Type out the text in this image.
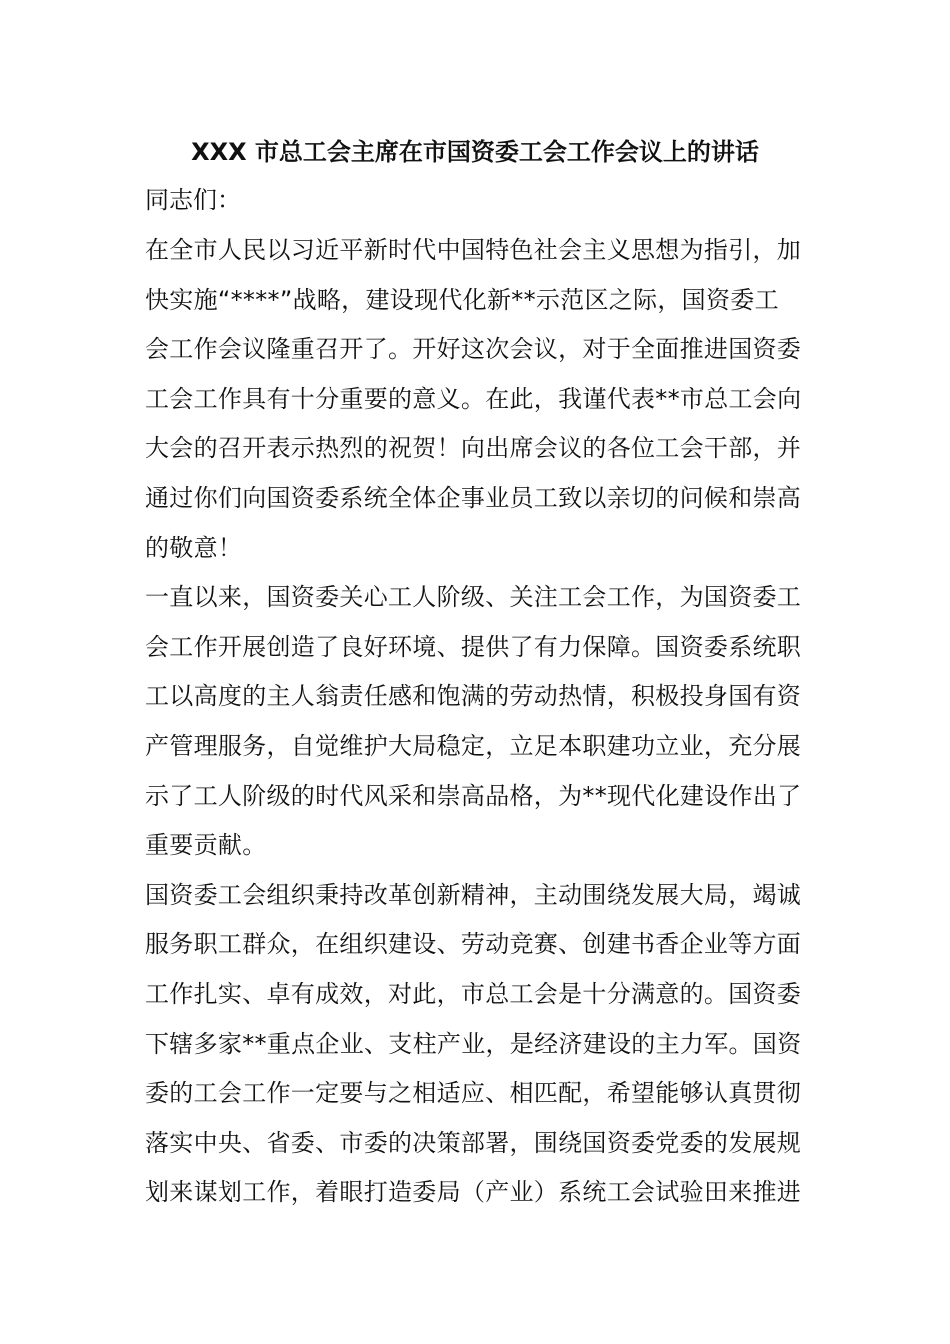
XXX 市总工会主席在市国资委工会工作会议上的讲话

同志们：

在全市人民以习近平新时代中国特色社会主义思想为指引，加
快实施“****”战略，建设现代化新**示范区之际，国资委工
会工作会议隆重召开了。开好这次会议，对于全面推进国资委
工会工作具有十分重要的意义。在此，我谨代表**市总工会向
大会的召开表示热烈的祝贺！向出席会议的各位工会干部，并
通过你们向国资委系统全体企事业员工致以亲切的问候和崇高
的敬意！
一直以来，国资委关心工人阶级、关注工会工作，为国资委工
会工作开展创造了良好环境、提供了有力保障。国资委系统职
工以高度的主人翁责任感和饱满的劳动热情，积极投身国有资
产管理服务，自觉维护大局稳定，立足本职建功立业，充分展
示了工人阶级的时代风采和崇高品格，为**现代化建设作出了
重要贡献。
国资委工会组织秉持改革创新精神，主动围绕发展大局，竭诚
服务职工群众，在组织建设、劳动竞赛、创建书香企业等方面
工作扎实、卓有成效，对此，市总工会是十分满意的。国资委
下辖多家**重点企业、支柱产业，是经济建设的主力军。国资
委的工会工作一定要与之相适应、相匹配，希望能够认真贯彻
落实中央、省委、市委的决策部署，围绕国资委党委的发展规
划来谋划工作，着眼打造委局（产业）系统工会试验田来推进
